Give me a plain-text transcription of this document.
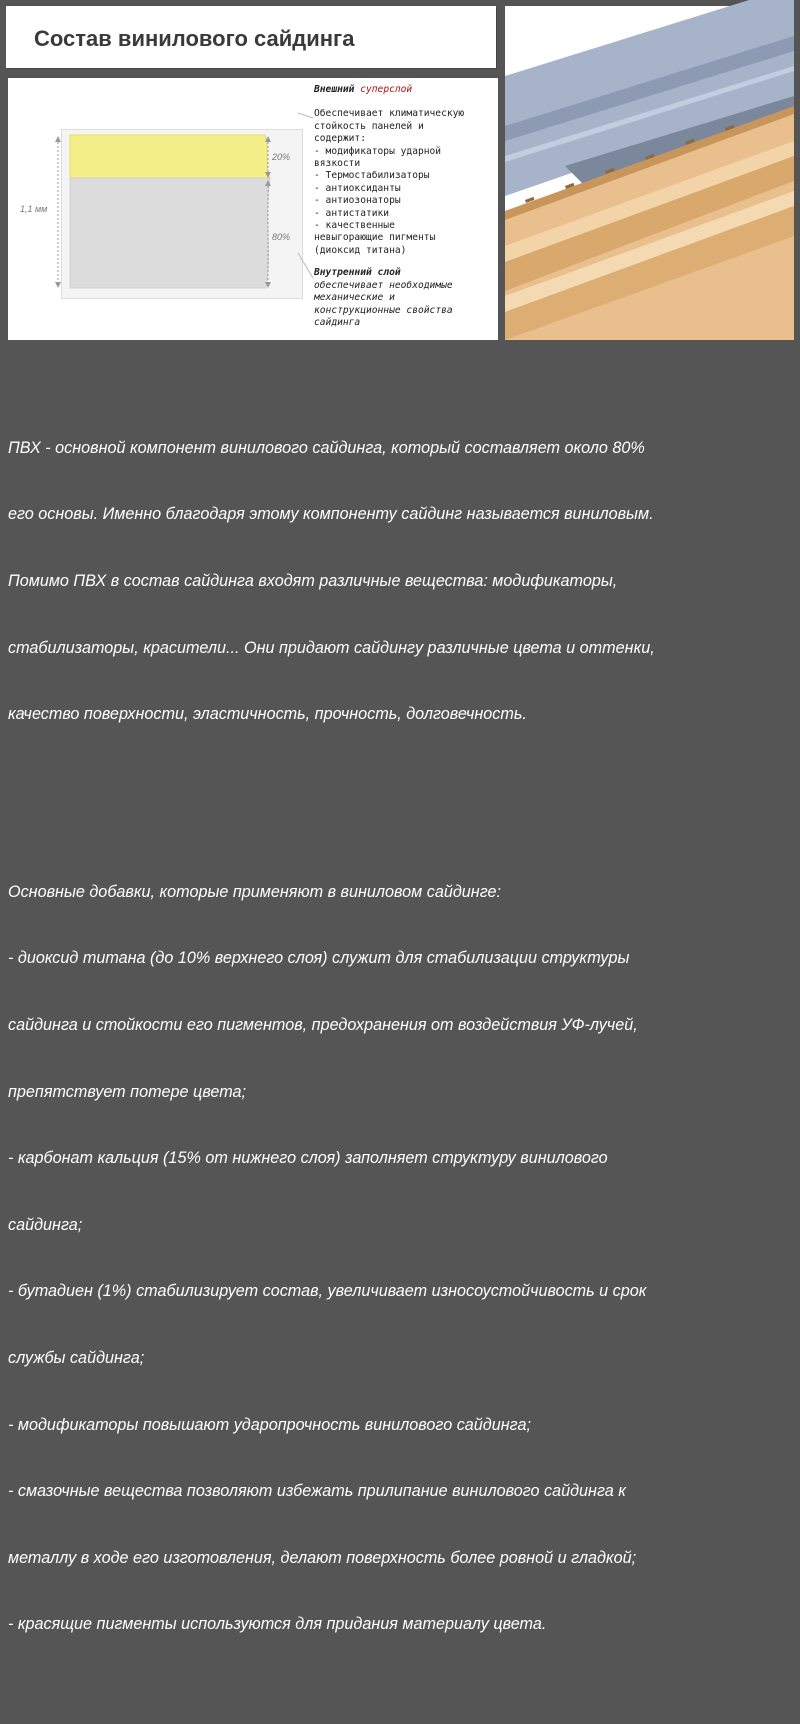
Состав винилового сайдинга
1,1 мм
20%
80%
Внешний суперслой
Обеспечивает климатическую
стойкость панелей и
содержит:
- модификаторы ударной
вязкости
- Термостабилизаторы
- антиоксиданты
- антиозонаторы
- антистатики
- качественные
невыгорающие пигменты
(диоксид титана)
Внутренний слой
обеспечивает необходимые
механические и
конструкционные свойства
сайдинга

ПВХ - основной компонент винилового сайдинга, который составляет около 80%

его основы. Именно благодаря этому компоненту сайдинг называется виниловым.

Помимо ПВХ в состав сайдинга входят различные вещества: модификаторы,

стабилизаторы, красители... Они придают сайдингу различные цвета и оттенки,

качество поверхности, эластичность, прочность, долговечность.

Основные добавки, которые применяют в виниловом сайдинге:

- диоксид титана (до 10% верхнего слоя) служит для стабилизации структуры

сайдинга и стойкости его пигментов, предохранения от воздействия УФ-лучей,

препятствует потере цвета;

- карбонат кальция (15% от нижнего слоя) заполняет структуру винилового

сайдинга;

- бутадиен (1%) стабилизирует состав, увеличивает износоустойчивость и срок

службы сайдинга;

- модификаторы повышают ударопрочность винилового сайдинга;

- смазочные вещества позволяют избежать прилипание винилового сайдинга к

металлу в ходе его изготовления, делают поверхность более ровной и гладкой;

- красящие пигменты используются для придания материалу цвета.
